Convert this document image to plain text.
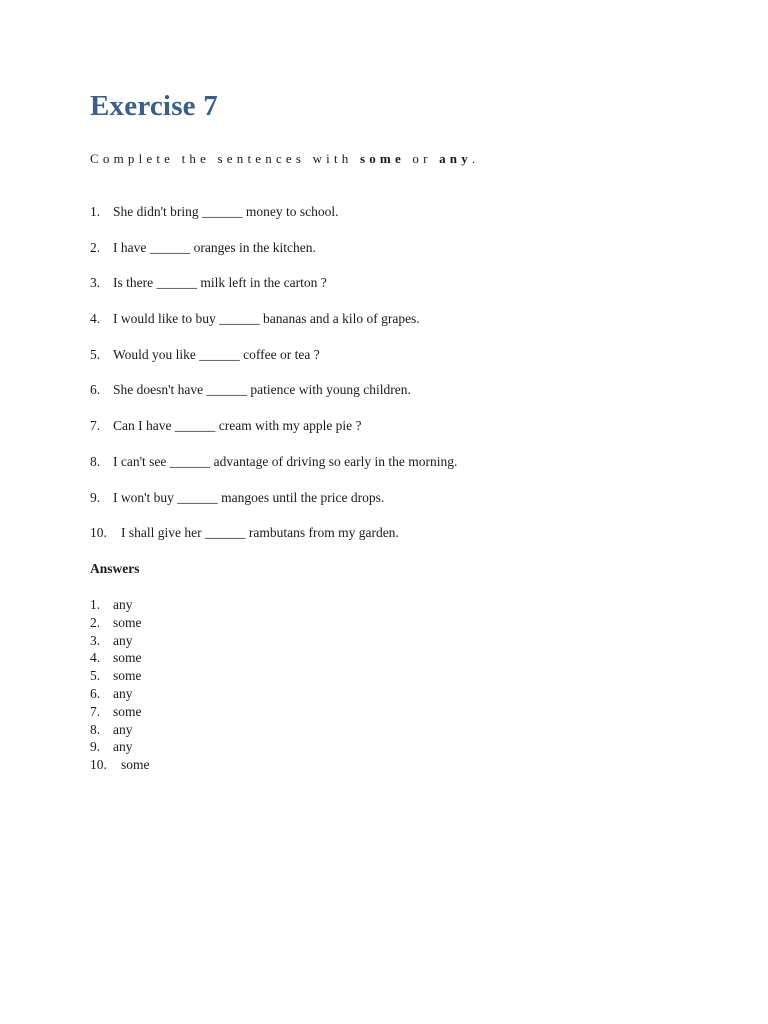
Exercise 7
Complete the sentences with some or any.
1. She didn't bring ______ money to school.
2. I have ______ oranges in the kitchen.
3. Is there ______ milk left in the carton ?
4. I would like to buy ______ bananas and a kilo of grapes.
5. Would you like ______ coffee or tea ?
6. She doesn't have ______ patience with young children.
7. Can I have ______ cream with my apple pie ?
8. I can't see ______ advantage of driving so early in the morning.
9. I won't buy ______ mangoes until the price drops.
10. I shall give her ______ rambutans from my garden.
Answers
1. any
2. some
3. any
4. some
5. some
6. any
7. some
8. any
9. any
10. some
